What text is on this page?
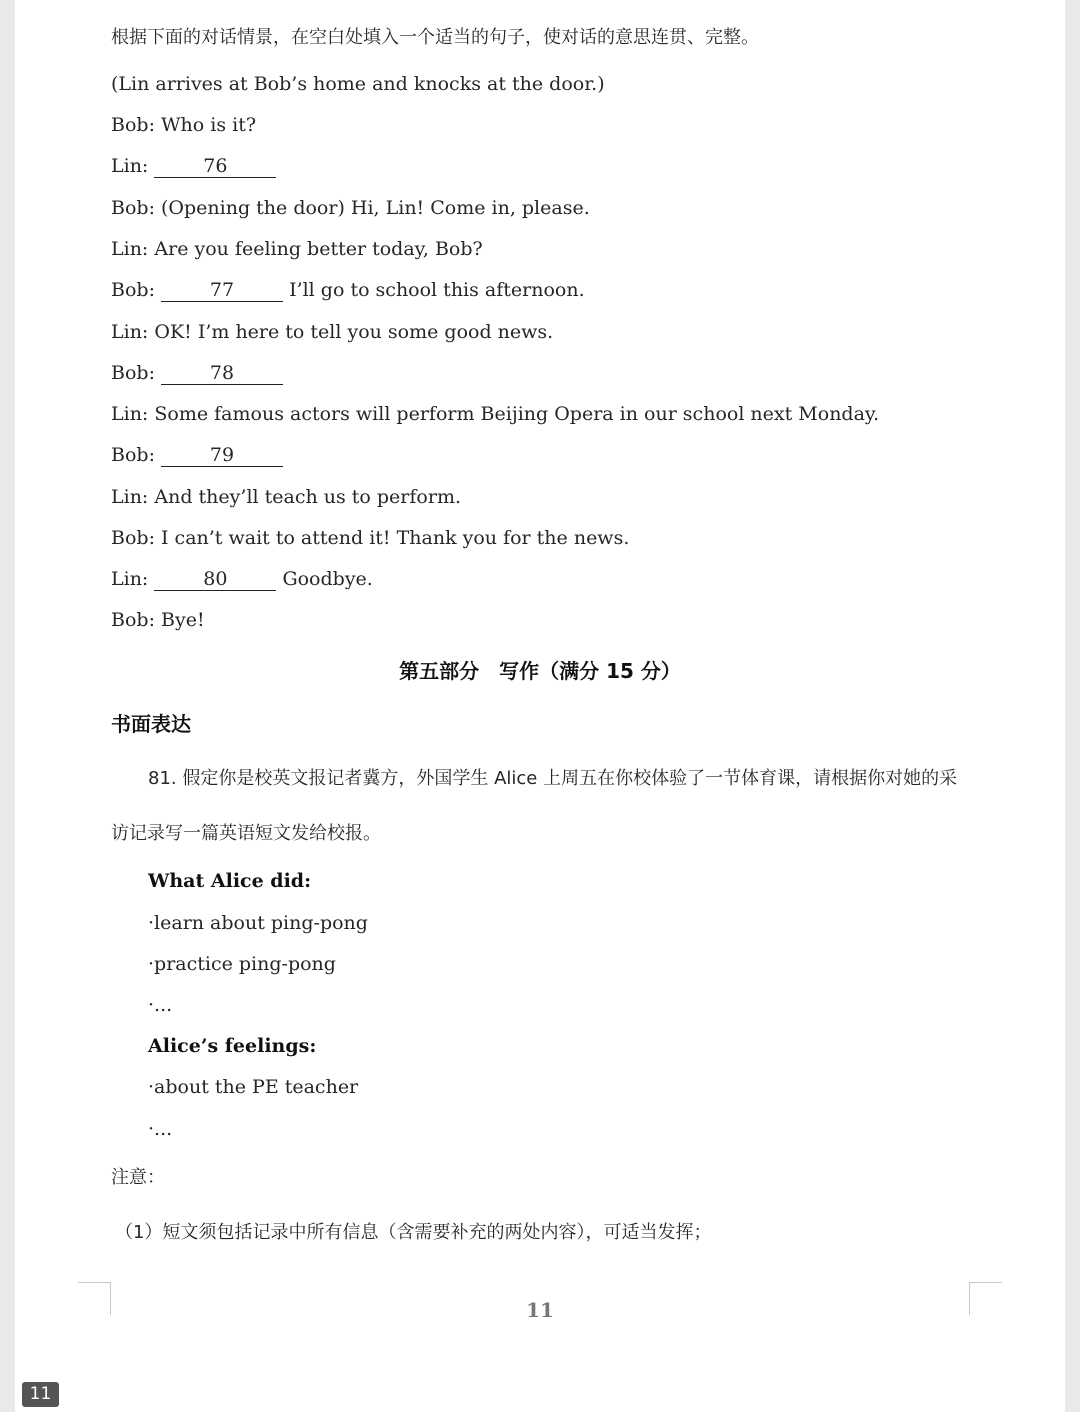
根据下面的对话情景，在空白处填入一个适当的句子，使对话的意思连贯、完整。
(Lin arrives at Bob’s home and knocks at the door.)
Bob: Who is it?
Lin:	76
Bob: (Opening the door) Hi, Lin! Come in, please.
Lin: Are you feeling better today, Bob?
Bob:	77	I’ll go to school this afternoon.
Lin: OK! I’m here to tell you some good news.
Bob:	78
Lin: Some famous actors will perform Beijing Opera in our school next Monday.
Bob:	79
Lin: And they’ll teach us to perform.
Bob: I can’t wait to attend it! Thank you for the news.
Lin:	80	Goodbye.
Bob: Bye!
第五部分　写作（满分 15 分）
书面表达
81. 假定你是校英文报记者冀方，外国学生 Alice 上周五在你校体验了一节体育课，请根据你对她的采
访记录写一篇英语短文发给校报。
What Alice did:
·learn about ping-pong
·practice ping-pong
·...
Alice’s feelings:
·about the PE teacher
·...
注意：
（1）短文须包括记录中所有信息（含需要补充的两处内容），可适当发挥；
11
11
